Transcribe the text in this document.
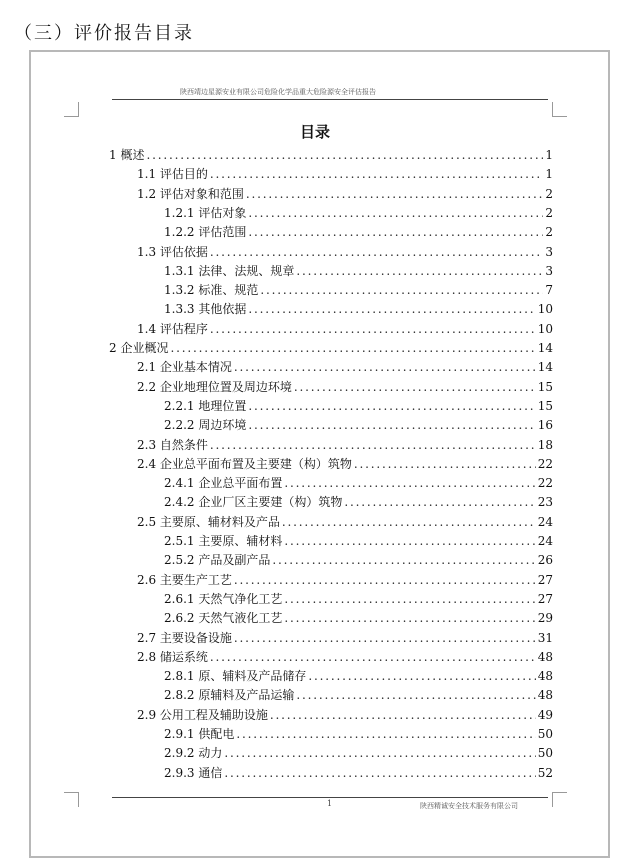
（三）评价报告目录
陕西靖边星源安业有限公司危险化学品重大危险源安全评估报告
目录
1 概述 . . .	1
1.1 评估目的 . . .	1
1.2 评估对象和范围 . . .	2
1.2.1 评估对象 . . .	2
1.2.2 评估范围 . . .	2
1.3 评估依据 . . .	3
1.3.1 法律、法规、规章 . . .	3
1.3.2 标准、规范 . . .	7
1.3.3 其他依据 . . .	10
1.4 评估程序 . . .	10
2 企业概况 . . .	14
2.1 企业基本情况 . . .	14
2.2 企业地理位置及周边环境 . . .	15
2.2.1 地理位置 . . .	15
2.2.2 周边环境 . . .	16
2.3 自然条件 . . .	18
2.4 企业总平面布置及主要建（构）筑物 . . .	22
2.4.1 企业总平面布置 . . .	22
2.4.2 企业厂区主要建（构）筑物 . . .	23
2.5 主要原、辅材料及产品 . . .	24
2.5.1 主要原、辅材料 . . .	24
2.5.2 产品及副产品 . . .	26
2.6 主要生产工艺 . . .	27
2.6.1 天然气净化工艺 . . .	27
2.6.2 天然气液化工艺 . . .	29
2.7 主要设备设施 . . .	31
2.8 储运系统 . . .	48
2.8.1 原、辅料及产品储存 . . .	48
2.8.2 原辅料及产品运输 . . .	48
2.9 公用工程及辅助设施 . . .	49
2.9.1 供配电 . . .	50
2.9.2 动力 . . .	50
2.9.3 通信 . . .	52
1	陕西精诚安全技术服务有限公司
